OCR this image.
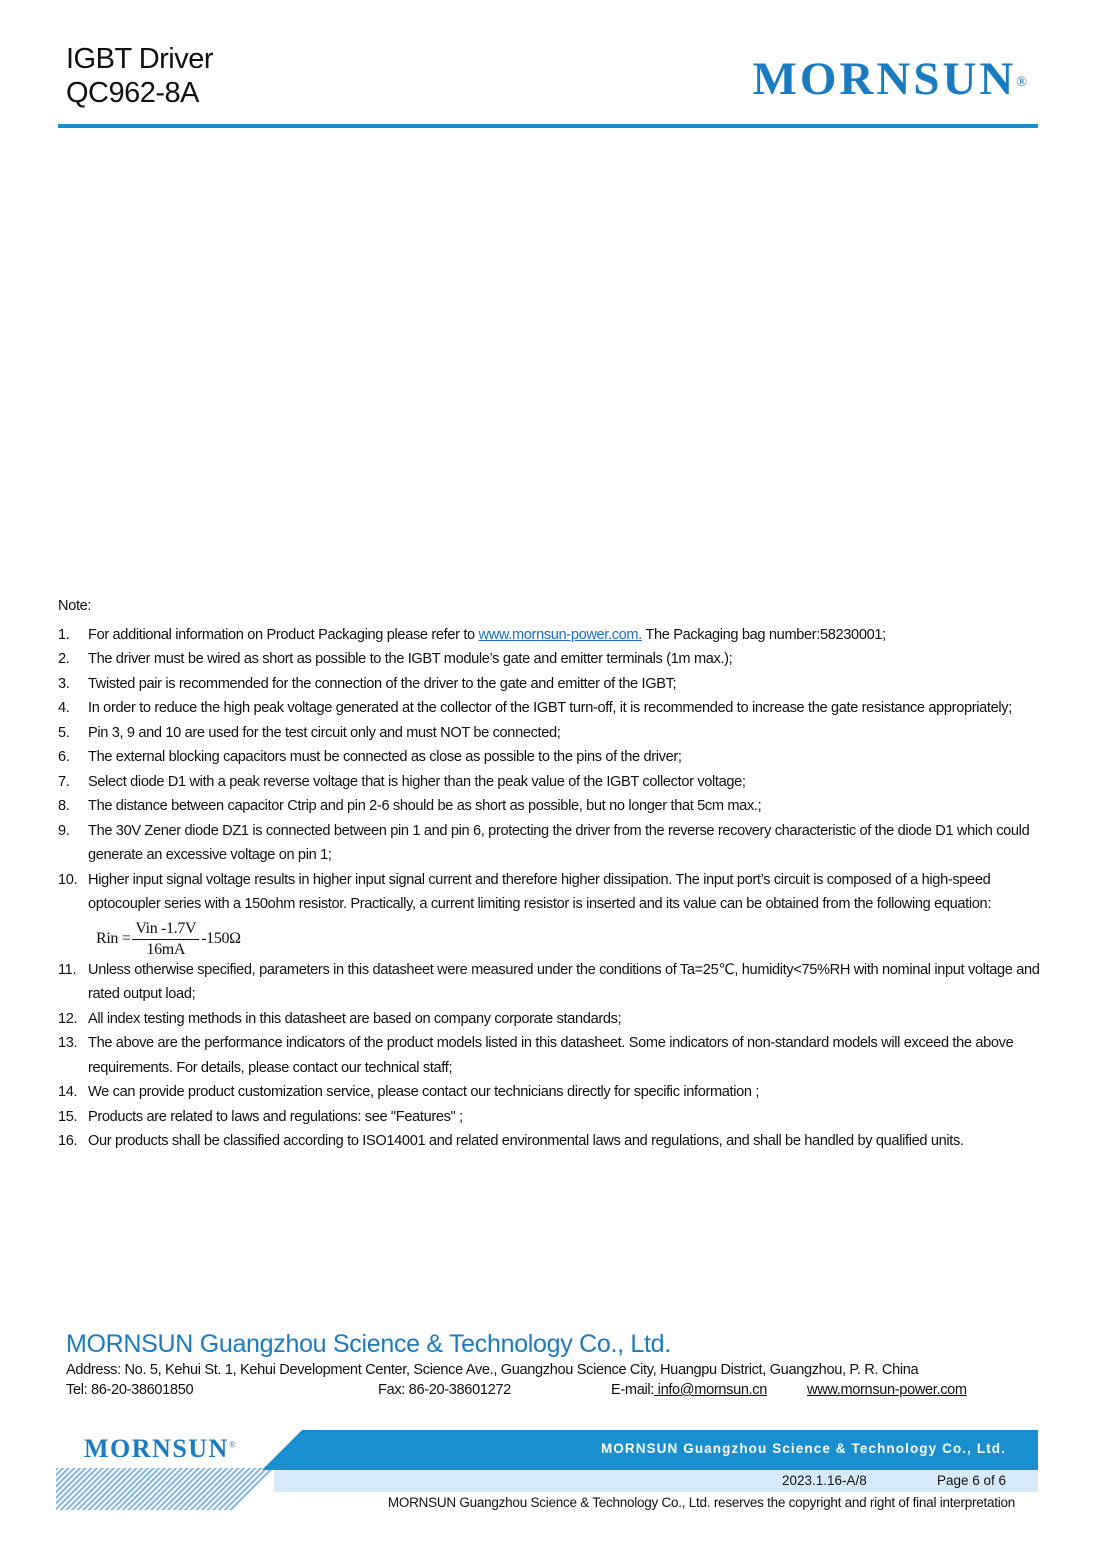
IGBT Driver
QC962-8A	MORNSUN®
Note:
1.	For additional information on Product Packaging please refer to www.mornsun-power.com. The Packaging bag number:58230001;
2.	The driver must be wired as short as possible to the IGBT module’s gate and emitter terminals (1m max.);
3.	Twisted pair is recommended for the connection of the driver to the gate and emitter of the IGBT;
4.	In order to reduce the high peak voltage generated at the collector of the IGBT turn-off, it is recommended to increase the gate resistance appropriately;
5.	Pin 3, 9 and 10 are used for the test circuit only and must NOT be connected;
6.	The external blocking capacitors must be connected as close as possible to the pins of the driver;
7.	Select diode D1 with a peak reverse voltage that is higher than the peak value of the IGBT collector voltage;
8.	The distance between capacitor Ctrip and pin 2-6 should be as short as possible, but no longer that 5cm max.;
9.	The 30V Zener diode DZ1 is connected between pin 1 and pin 6, protecting the driver from the reverse recovery characteristic of the diode D1 which could generate an excessive voltage on pin 1;
10. Higher input signal voltage results in higher input signal current and therefore higher dissipation. The input port’s circuit is composed of a high-speed optocoupler series with a 150ohm resistor. Practically, a current limiting resistor is inserted and its value can be obtained from the following equation:
Rin = $\frac{\text{Vin -1.7V}}{16mA} -150\Omega$
11. Unless otherwise specified, parameters in this datasheet were measured under the conditions of Ta=25℃, humidity<75%RH with nominal input voltage and rated output load;
12. All index testing methods in this datasheet are based on company corporate standards;
13. The above are the performance indicators of the product models listed in this datasheet. Some indicators of non-standard models will exceed the above requirements. For details, please contact our technical staff;
14. We can provide product customization service, please contact our technicians directly for specific information ;
15. Products are related to laws and regulations: see "Features" ;
16. Our products shall be classified according to ISO14001 and related environmental laws and regulations, and shall be handled by qualified units.
MORNSUN Guangzhou Science & Technology Co., Ltd.
Address: No. 5, Kehui St. 1, Kehui Development Center, Science Ave., Guangzhou Science City, Huangpu District, Guangzhou, P. R. China
Tel: 86-20-38601850	Fax: 86-20-38601272	E-mail: info@mornsun.cn	www.mornsun-power.com
MORNSUN Guangzhou Science & Technology Co., Ltd.
MORNSUN®
2023.1.16-A/8	Page 6 of 6
MORNSUN Guangzhou Science & Technology Co., Ltd. reserves the copyright and right of final interpretation
